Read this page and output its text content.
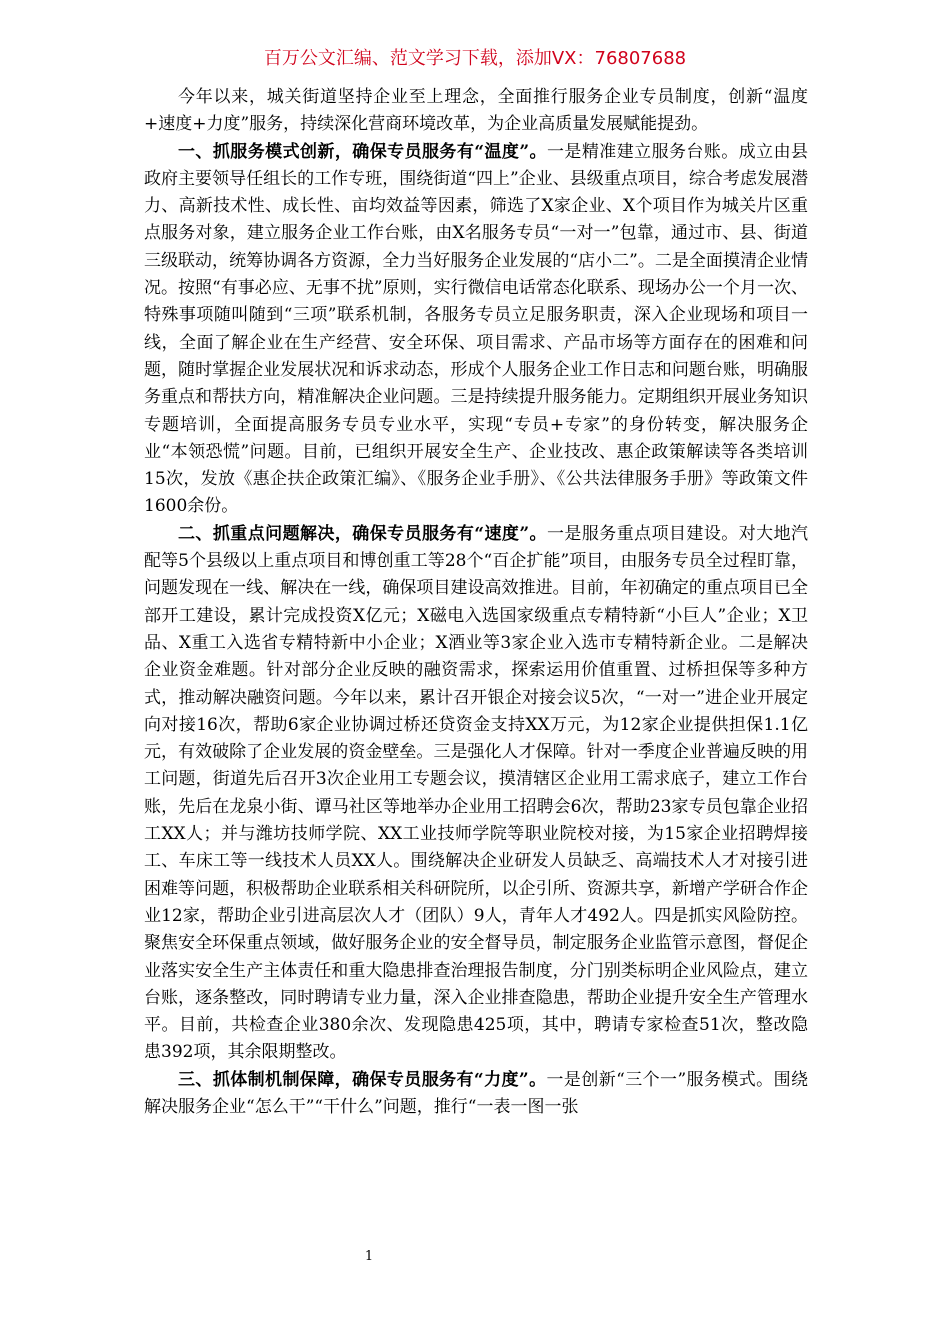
百万公文汇编、范文学习下载，添加VX：76807688

今年以来，城关街道坚持企业至上理念，全面推行服务企业专员制度，创新“温度+速度+力度”服务，持续深化营商环境改革，为企业高质量发展赋能提劲。

一、抓服务模式创新，确保专员服务有“温度”。一是精准建立服务台账。成立由县政府主要领导任组长的工作专班，围绕街道“四上”企业、县级重点项目，综合考虑发展潜力、高新技术性、成长性、亩均效益等因素，筛选了X家企业、X个项目作为城关片区重点服务对象，建立服务企业工作台账，由X名服务专员“一对一”包靠，通过市、县、街道三级联动，统筹协调各方资源，全力当好服务企业发展的“店小二”。二是全面摸清企业情况。按照“有事必应、无事不扰”原则，实行微信电话常态化联系、现场办公一个月一次、特殊事项随叫随到“三项”联系机制，各服务专员立足服务职责，深入企业现场和项目一线，全面了解企业在生产经营、安全环保、项目需求、产品市场等方面存在的困难和问题，随时掌握企业发展状况和诉求动态，形成个人服务企业工作日志和问题台账，明确服务重点和帮扶方向，精准解决企业问题。三是持续提升服务能力。定期组织开展业务知识专题培训，全面提高服务专员专业水平，实现“专员+专家”的身份转变，解决服务企业“本领恐慌”问题。目前，已组织开展安全生产、企业技改、惠企政策解读等各类培训15次，发放《惠企扶企政策汇编》、《服务企业手册》、《公共法律服务手册》等政策文件1600余份。

二、抓重点问题解决，确保专员服务有“速度”。一是服务重点项目建设。对大地汽配等5个县级以上重点项目和博创重工等28个“百企扩能”项目，由服务专员全过程盯靠，问题发现在一线、解决在一线，确保项目建设高效推进。目前，年初确定的重点项目已全部开工建设，累计完成投资X亿元；X磁电入选国家级重点专精特新“小巨人”企业；X卫品、X重工入选省专精特新中小企业；X酒业等3家企业入选市专精特新企业。二是解决企业资金难题。针对部分企业反映的融资需求，探索运用价值重置、过桥担保等多种方式，推动解决融资问题。今年以来，累计召开银企对接会议5次，“一对一”进企业开展定向对接16次，帮助6家企业协调过桥还贷资金支持XX万元，为12家企业提供担保1.1亿元，有效破除了企业发展的资金壁垒。三是强化人才保障。针对一季度企业普遍反映的用工问题，街道先后召开3次企业用工专题会议，摸清辖区企业用工需求底子，建立工作台账，先后在龙泉小街、谭马社区等地举办企业用工招聘会6次，帮助23家专员包靠企业招工XX人；并与潍坊技师学院、XX工业技师学院等职业院校对接，为15家企业招聘焊接工、车床工等一线技术人员XX人。围绕解决企业研发人员缺乏、高端技术人才对接引进困难等问题，积极帮助企业联系相关科研院所，以企引所、资源共享，新增产学研合作企业12家，帮助企业引进高层次人才（团队）9人，青年人才492人。四是抓实风险防控。聚焦安全环保重点领域，做好服务企业的安全督导员，制定服务企业监管示意图，督促企业落实安全生产主体责任和重大隐患排查治理报告制度，分门别类标明企业风险点，建立台账，逐条整改，同时聘请专业力量，深入企业排查隐患，帮助企业提升安全生产管理水平。目前，共检查企业380余次、发现隐患425项，其中，聘请专家检查51次，整改隐患392项，其余限期整改。

三、抓体制机制保障，确保专员服务有“力度”。一是创新“三个一”服务模式。围绕解决服务企业“怎么干”“干什么”问题，推行“一表一图一张

1
